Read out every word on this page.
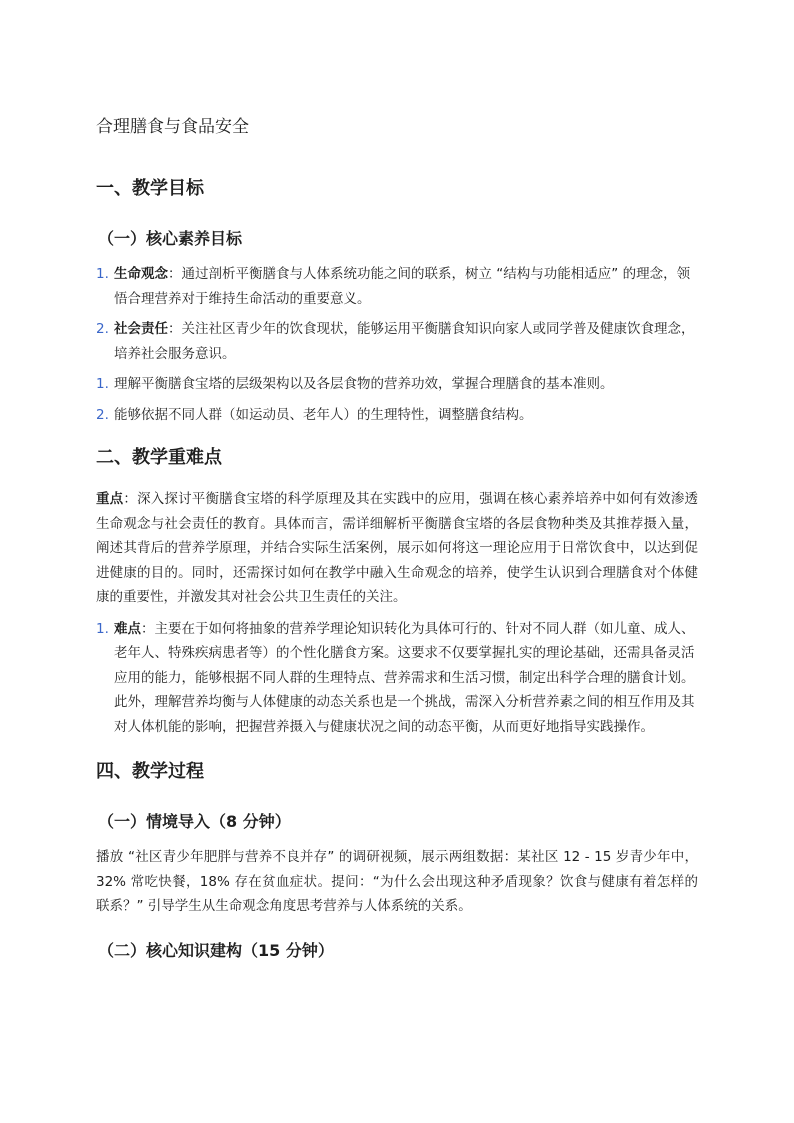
合理膳食与食品安全
一、教学目标
（一）核心素养目标
1. 生命观念：通过剖析平衡膳食与人体系统功能之间的联系，树立 “结构与功能相适应” 的理念，领悟合理营养对于维持生命活动的重要意义。
2. 社会责任：关注社区青少年的饮食现状，能够运用平衡膳食知识向家人或同学普及健康饮食理念，培养社会服务意识。
1. 理解平衡膳食宝塔的层级架构以及各层食物的营养功效，掌握合理膳食的基本准则。
2. 能够依据不同人群（如运动员、老年人）的生理特性，调整膳食结构。
二、教学重难点

重点：深入探讨平衡膳食宝塔的科学原理及其在实践中的应用，强调在核心素养培养中如何有效渗透生命观念与社会责任的教育。具体而言，需详细解析平衡膳食宝塔的各层食物种类及其推荐摄入量，阐述其背后的营养学原理，并结合实际生活案例，展示如何将这一理论应用于日常饮食中，以达到促进健康的目的。同时，还需探讨如何在教学中融入生命观念的培养，使学生认识到合理膳食对个体健康的重要性，并激发其对社会公共卫生责任的关注。

1. 难点：主要在于如何将抽象的营养学理论知识转化为具体可行的、针对不同人群（如儿童、成人、老年人、特殊疾病患者等）的个性化膳食方案。这要求不仅要掌握扎实的理论基础，还需具备灵活应用的能力，能够根据不同人群的生理特点、营养需求和生活习惯，制定出科学合理的膳食计划。此外，理解营养均衡与人体健康的动态关系也是一个挑战，需深入分析营养素之间的相互作用及其对人体机能的影响，把握营养摄入与健康状况之间的动态平衡，从而更好地指导实践操作。
四、教学过程
（一）情境导入（8 分钟）

播放 “社区青少年肥胖与营养不良并存” 的调研视频，展示两组数据：某社区 12 - 15 岁青少年中，32% 常吃快餐，18% 存在贫血症状。提问：“为什么会出现这种矛盾现象？饮食与健康有着怎样的联系？” 引导学生从生命观念角度思考营养与人体系统的关系。

（二）核心知识建构（15 分钟）
